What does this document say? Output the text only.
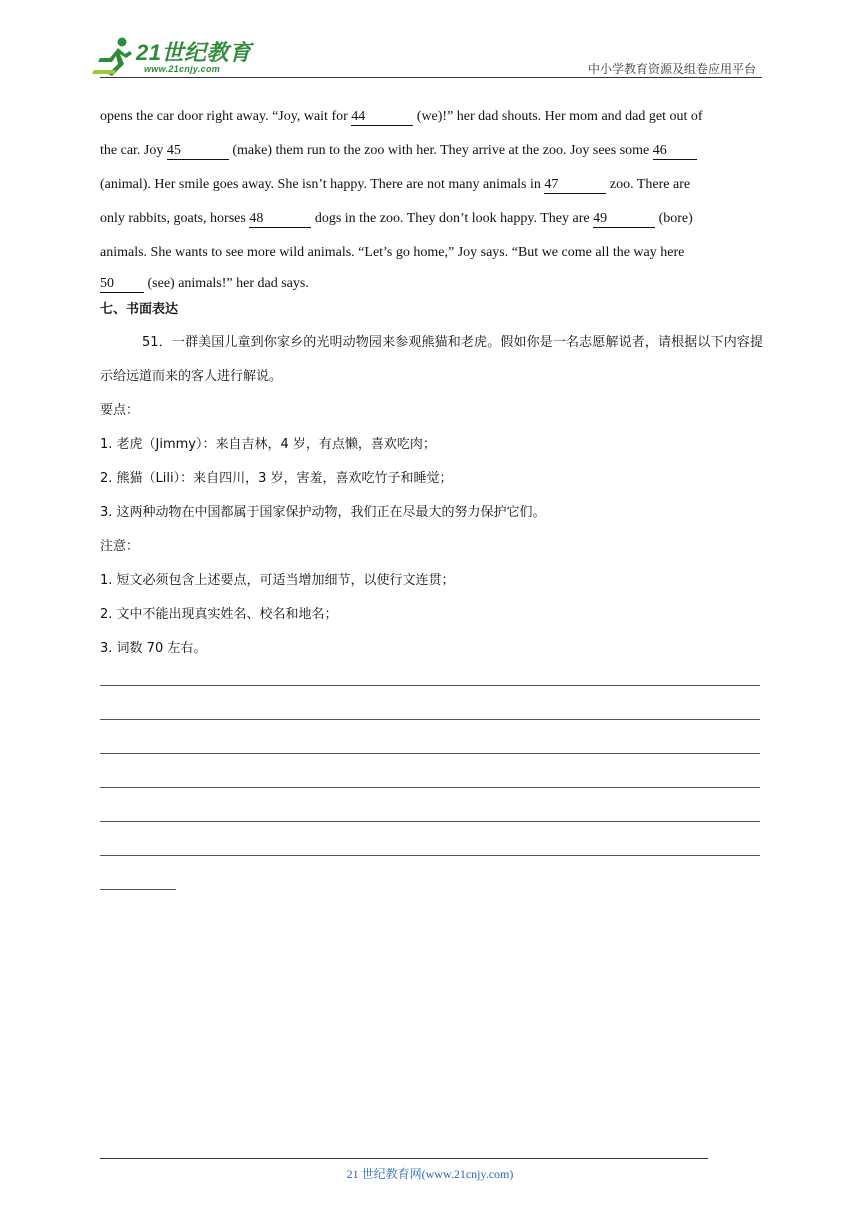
21世纪教育
www.21cnjy.com	中小学教育资源及组卷应用平台

opens the car door right away. “Joy, wait for 44	(we)!” her dad shouts. Her mom and dad get out of

the car. Joy 45	(make) them run to the zoo with her. They arrive at the zoo. Joy sees some 46

(animal). Her smile goes away. She isn’t happy. There are not many animals in 47	zoo. There are

only rabbits, goats, horses 48	dogs in the zoo. They don’t look happy. They are 49	(bore)

animals. She wants to see more wild animals. “Let’s go home,” Joy says. “But we come all the way here

50 (see) animals!” her dad says.

七、书面表达

51．一群美国儿童到你家乡的光明动物园来参观熊猫和老虎。假如你是一名志愿解说者，请根据以下内容提示给远道而来的客人进行解说。

要点：

1. 老虎（Jimmy）：来自吉林，4 岁，有点懒，喜欢吃肉；

2. 熊猫（Lili）：来自四川，3 岁，害羞，喜欢吃竹子和睡觉；

3. 这两种动物在中国都属于国家保护动物，我们正在尽最大的努力保护它们。

注意：

1. 短文必须包含上述要点，可适当增加细节，以使行文连贯；

2. 文中不能出现真实姓名、校名和地名；

3. 词数 70 左右。

21 世纪教育网(www.21cnjy.com)
